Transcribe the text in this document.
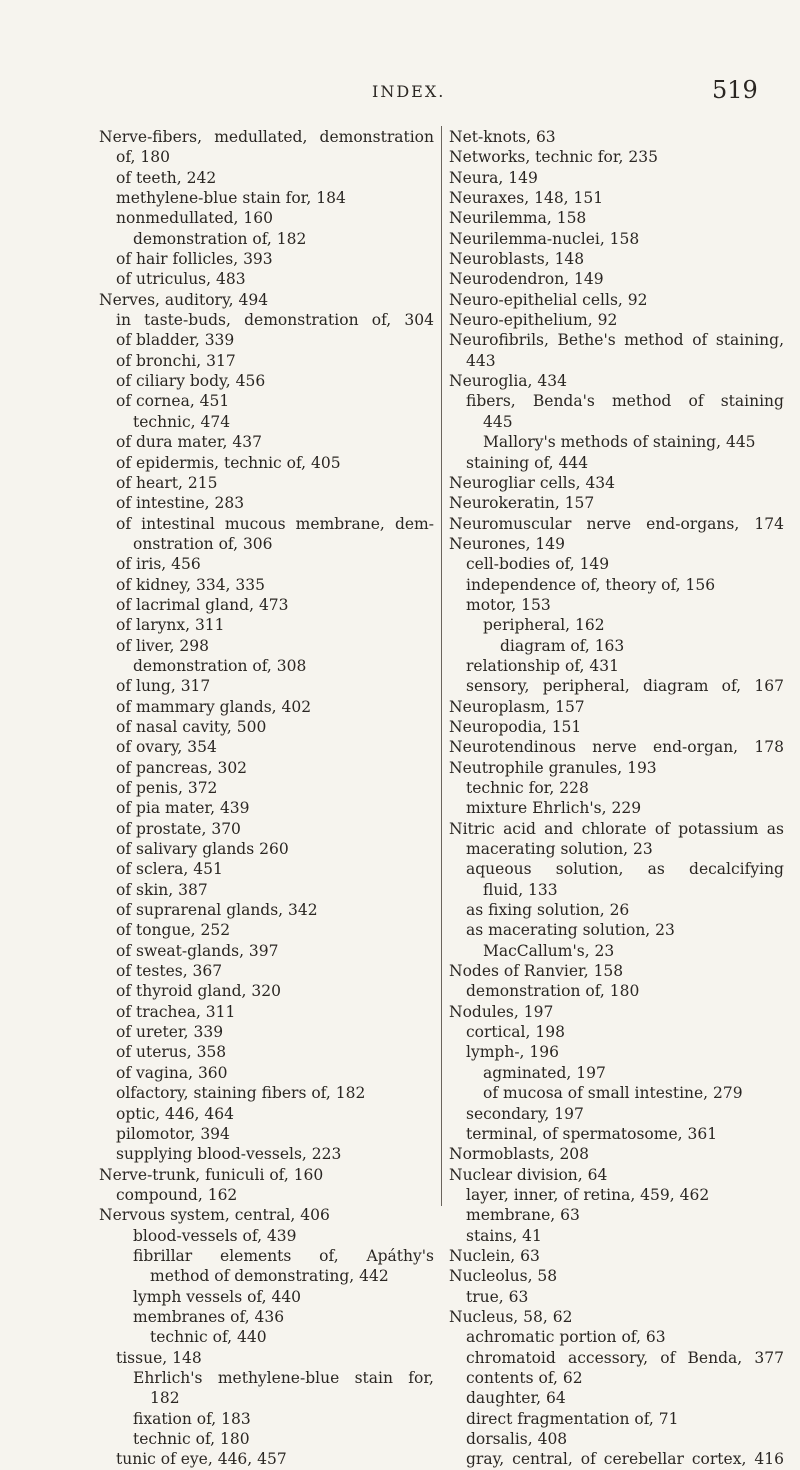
INDEX.	519
Nerve-fibers, medullated, demonstration
of, 180
of teeth, 242
methylene-blue stain for, 184
nonmedullated, 160
demonstration of, 182
of hair follicles, 393
of utriculus, 483
Nerves, auditory, 494
in taste-buds, demonstration of, 304
of bladder, 339
of bronchi, 317
of ciliary body, 456
of cornea, 451
technic, 474
of dura mater, 437
of epidermis, technic of, 405
of heart, 215
of intestine, 283
of intestinal mucous membrane, dem-
onstration of, 306
of iris, 456
of kidney, 334, 335
of lacrimal gland, 473
of larynx, 311
of liver, 298
demonstration of, 308
of lung, 317
of mammary glands, 402
of nasal cavity, 500
of ovary, 354
of pancreas, 302
of penis, 372
of pia mater, 439
of prostate, 370
of salivary glands 260
of sclera, 451
of skin, 387
of suprarenal glands, 342
of tongue, 252
of sweat-glands, 397
of testes, 367
of thyroid gland, 320
of trachea, 311
of ureter, 339
of uterus, 358
of vagina, 360
olfactory, staining fibers of, 182
optic, 446, 464
pilomotor, 394
supplying blood-vessels, 223
Nerve-trunk, funiculi of, 160
compound, 162
Nervous system, central, 406
blood-vessels of, 439
fibrillar elements of, Apáthy's
method of demonstrating, 442
lymph vessels of, 440
membranes of, 436
technic of, 440
tissue, 148
Ehrlich's methylene-blue stain for,
182
fixation of, 183
technic of, 180
tunic of eye, 446, 457
Net-knots, 63
Networks, technic for, 235
Neura, 149
Neuraxes, 148, 151
Neurilemma, 158
Neurilemma-nuclei, 158
Neuroblasts, 148
Neurodendron, 149
Neuro-epithelial cells, 92
Neuro-epithelium, 92
Neurofibrils, Bethe's method of staining,
443
Neuroglia, 434
fibers, Benda's method of staining
445
Mallory's methods of staining, 445
staining of, 444
Neurogliar cells, 434
Neurokeratin, 157
Neuromuscular nerve end-organs, 174
Neurones, 149
cell-bodies of, 149
independence of, theory of, 156
motor, 153
peripheral, 162
diagram of, 163
relationship of, 431
sensory, peripheral, diagram of, 167
Neuroplasm, 157
Neuropodia, 151
Neurotendinous nerve end-organ, 178
Neutrophile granules, 193
technic for, 228
mixture Ehrlich's, 229
Nitric acid and chlorate of potassium as
macerating solution, 23
aqueous solution, as decalcifying
fluid, 133
as fixing solution, 26
as macerating solution, 23
MacCallum's, 23
Nodes of Ranvier, 158
demonstration of, 180
Nodules, 197
cortical, 198
lymph-, 196
agminated, 197
of mucosa of small intestine, 279
secondary, 197
terminal, of spermatosome, 361
Normoblasts, 208
Nuclear division, 64
layer, inner, of retina, 459, 462
membrane, 63
stains, 41
Nuclein, 63
Nucleolus, 58
true, 63
Nucleus, 58, 62
achromatic portion of, 63
chromatoid accessory, of Benda, 377
contents of, 62
daughter, 64
direct fragmentation of, 71
dorsalis, 408
gray, central, of cerebellar cortex, 416
